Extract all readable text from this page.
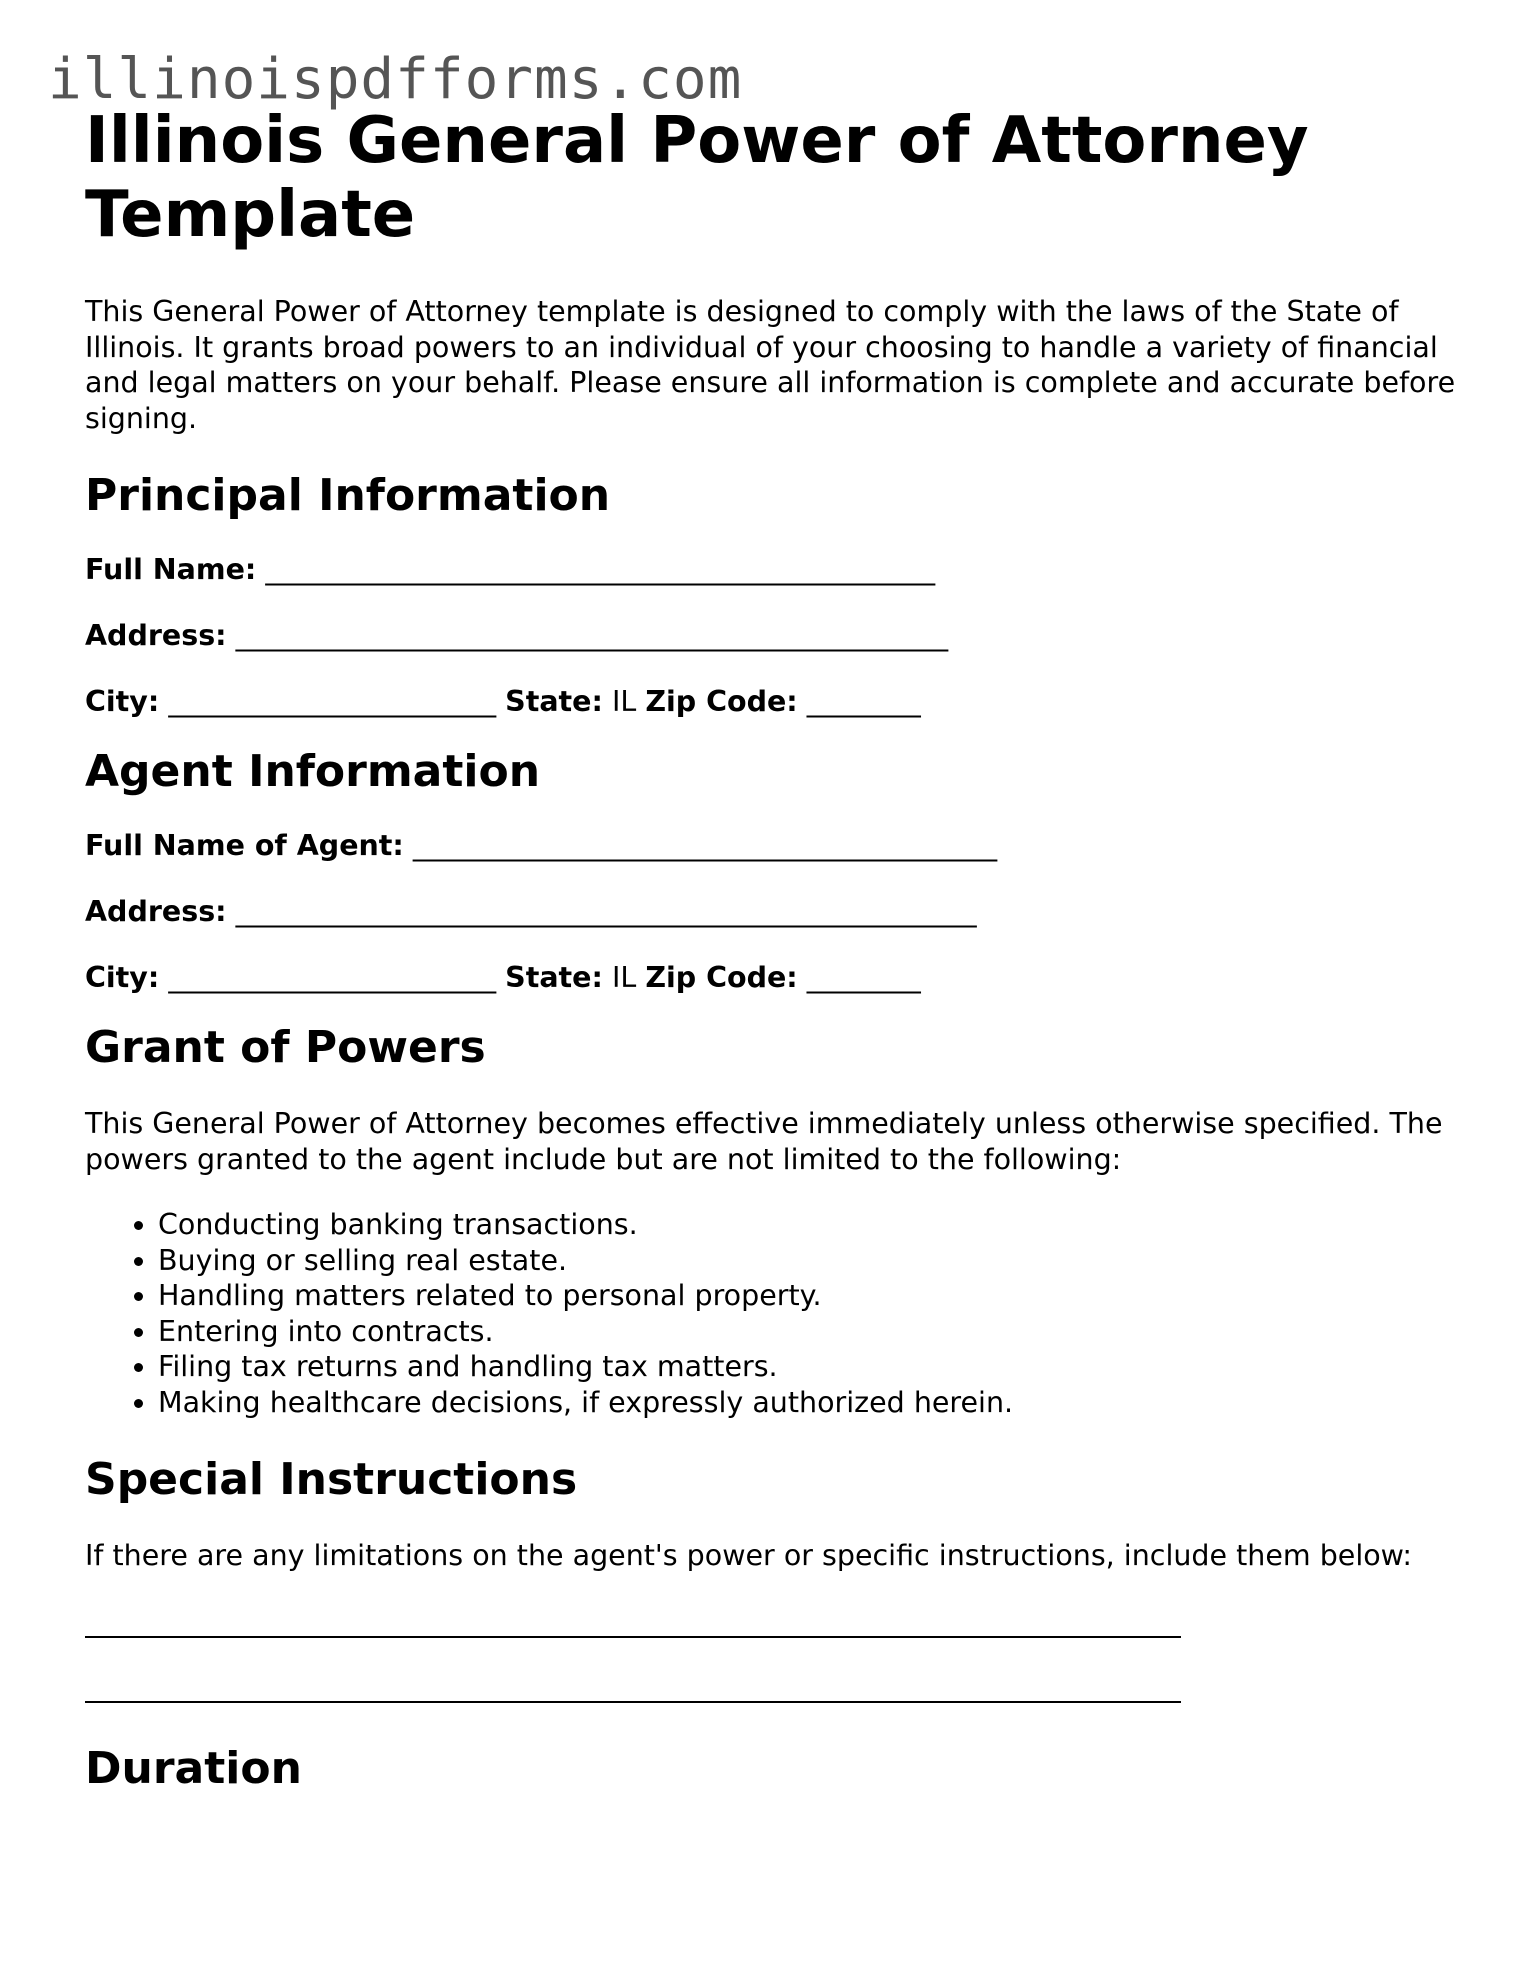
illinoispdfforms.com
Illinois General Power of Attorney Template

This General Power of Attorney template is designed to comply with the laws of the State of Illinois. It grants broad powers to an individual of your choosing to handle a variety of financial and legal matters on your behalf. Please ensure all information is complete and accurate before signing.

Principal Information
Full Name: _______________________________________________
Address: __________________________________________________
City: _______________________ State: IL Zip Code: ________
Agent Information
Full Name of Agent: _________________________________________
Address: ____________________________________________________
City: _______________________ State: IL Zip Code: ________
Grant of Powers

This General Power of Attorney becomes effective immediately unless otherwise specified. The powers granted to the agent include but are not limited to the following:

• Conducting banking transactions.
• Buying or selling real estate.
• Handling matters related to personal property.
• Entering into contracts.
• Filing tax returns and handling tax matters.
• Making healthcare decisions, if expressly authorized herein.
Special Instructions

If there are any limitations on the agent's power or specific instructions, include them below:

Duration
